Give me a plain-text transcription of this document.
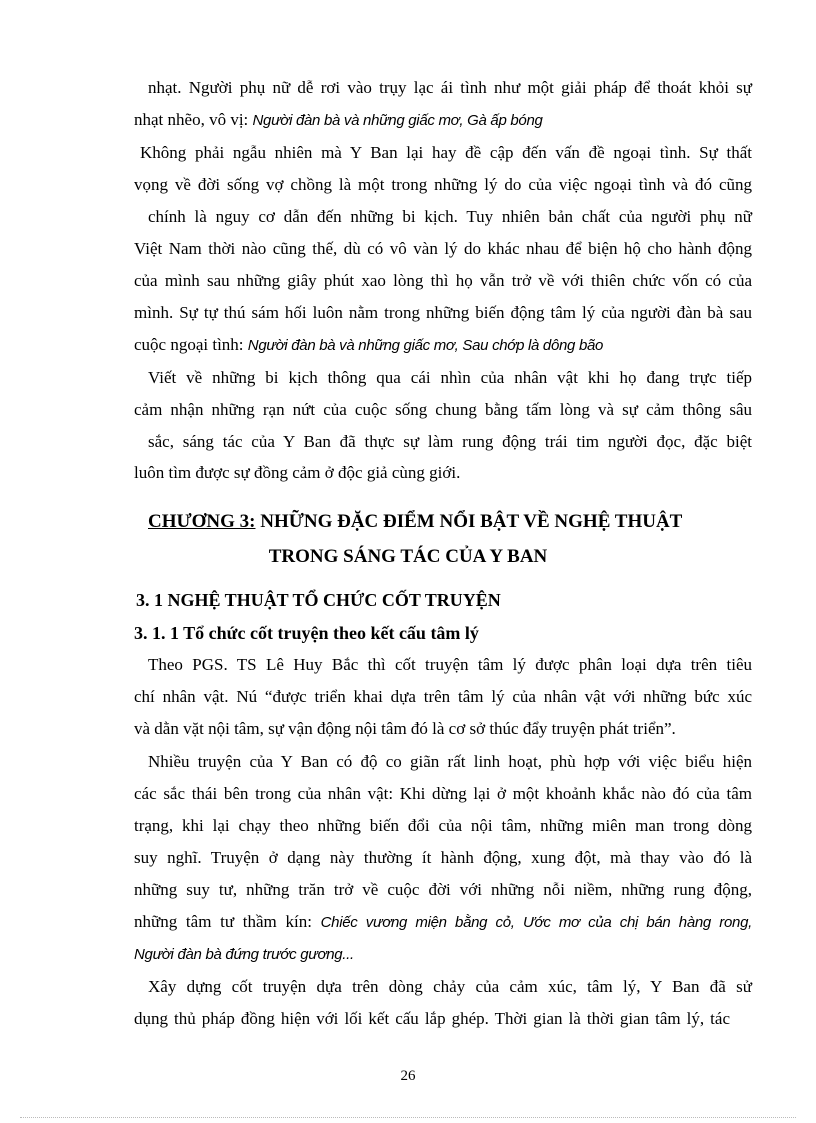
nhạt. Người phụ nữ dễ rơi vào trụy lạc ái tình như một giải pháp để thoát khỏi sự
nhạt nhẽo, vô vị: Người đàn bà và những giấc mơ, Gà ấp bóng
Không phải ngẫu nhiên mà Y Ban lại hay đề cập đến vấn đề ngoại tình. Sự thất
vọng về đời sống vợ chồng là một trong những lý do của việc ngoại tình và đó cũng
chính là nguy cơ dẫn đến những bi kịch. Tuy nhiên bản chất của người phụ nữ
Việt Nam thời nào cũng thế, dù có vô vàn lý do khác nhau để biện hộ cho hành động
của mình sau những giây phút xao lòng thì họ vẫn trở về với thiên chức vốn có của
mình. Sự tự thú sám hối luôn nằm trong những biến động tâm lý của người đàn bà sau
cuộc ngoại tình: Người đàn bà và những giấc mơ, Sau chớp là dông bão
Viết về những bi kịch thông qua cái nhìn của nhân vật khi họ đang trực tiếp
cảm nhận những rạn nứt của cuộc sống chung bằng tấm lòng và sự cảm thông sâu
sắc, sáng tác của Y Ban đã thực sự làm rung động trái tim người đọc, đặc biệt
luôn tìm được sự đồng cảm ở độc giả cùng giới.
CHƯƠNG 3: NHỮNG ĐẶC ĐIỂM NỔI BẬT VỀ NGHỆ THUẬT
TRONG SÁNG TÁC CỦA Y BAN
3. 1 NGHỆ THUẬT TỔ CHỨC CỐT TRUYỆN
3. 1. 1 Tổ chức cốt truyện theo kết cấu tâm lý
Theo PGS. TS Lê Huy Bắc thì cốt truyện tâm lý được phân loại dựa trên tiêu
chí nhân vật. Nú “được triển khai dựa trên tâm lý của nhân vật với những bức xúc
và dằn vặt nội tâm, sự vận động nội tâm đó là cơ sở thúc đẩy truyện phát triển”.
Nhiều truyện của Y Ban có độ co giãn rất linh hoạt, phù hợp với việc biểu hiện
các sắc thái bên trong của nhân vật: Khi dừng lại ở một khoảnh khắc nào đó của tâm
trạng, khi lại chạy theo những biến đổi của nội tâm, những miên man trong dòng
suy nghĩ. Truyện ở dạng này thường ít hành động, xung đột, mà thay vào đó là
những suy tư, những trăn trở về cuộc đời với những nỗi niềm, những rung động,
những tâm tư thầm kín: Chiếc vương miện bằng cỏ, Ước mơ của chị bán hàng rong,
Người đàn bà đứng trước gương...
Xây dựng cốt truyện dựa trên dòng chảy của cảm xúc, tâm lý, Y Ban đã sử
dụng thủ pháp đồng hiện với lối kết cấu lắp ghép. Thời gian là thời gian tâm lý, tác
26
